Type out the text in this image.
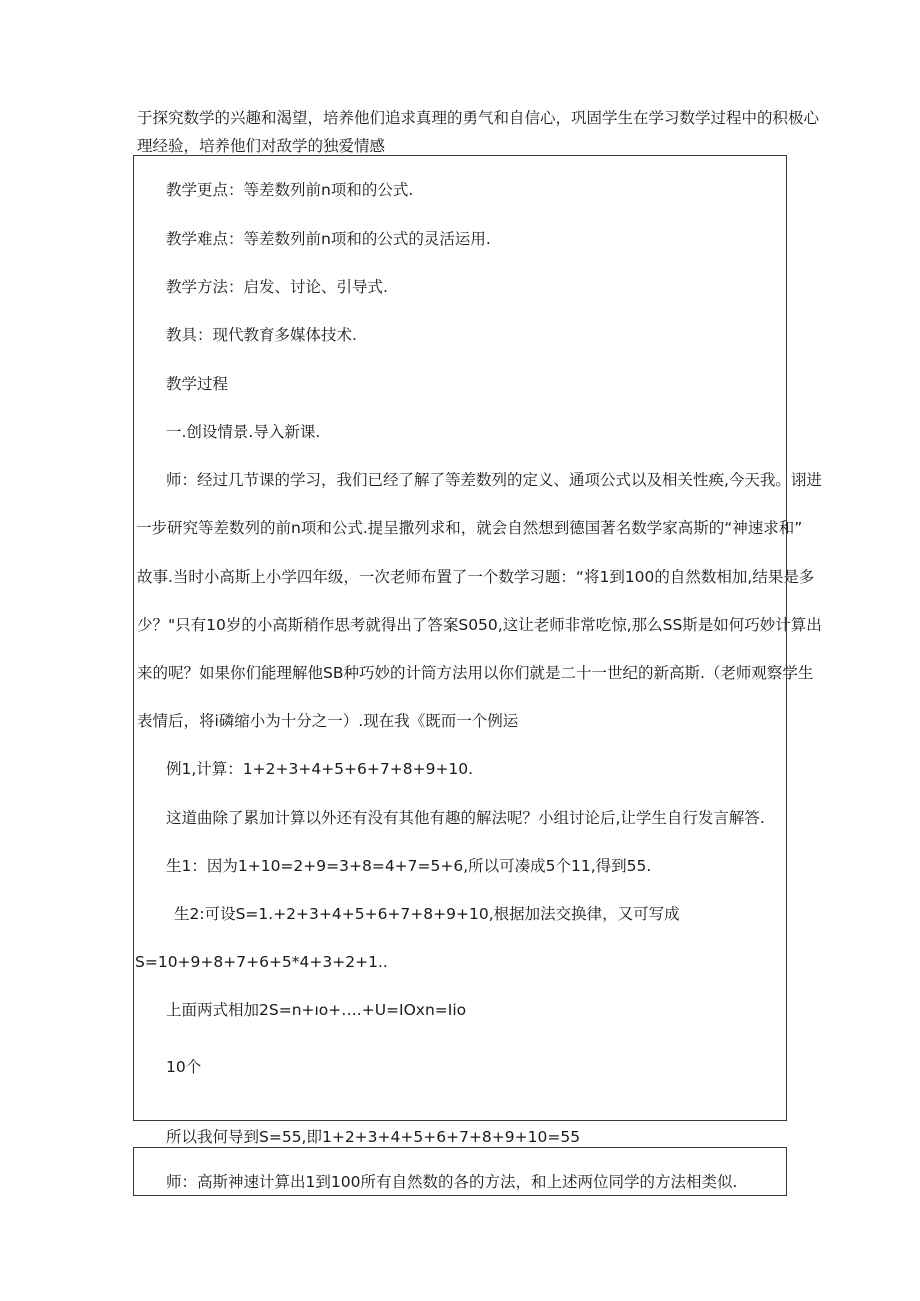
于探究数学的兴趣和渴望，培养他们追求真理的勇气和自信心，巩固学生在学习数学过程中的积极心
理经验，培养他们对敌学的独爱情感
教学更点：等差数列前n项和的公式.
教学难点：等差数列前n项和的公式的灵活运用.
教学方法：启发、讨论、引导式.
教具：现代教育多媒体技术.
教学过程
一.创设情景.导入新课.
师：经过几节课的学习，我们已经了解了等差数列的定义、通项公式以及相关性痪,今天我。诩进
一步研究等差数列的前n项和公式.提呈撒列求和，就会自然想到德国著名数学家高斯的“神速求和”
故事.当时小高斯上小学四年级，一次老师布置了一个数学习题：“将1到100的自然数相加,结果是多
少？"只有10岁的小高斯稍作思考就得出了答案S050,这让老师非常吃惊,那么SS斯是如何巧妙计算出
来的呢？如果你们能理解他SB种巧妙的计筒方法用以你们就是二十一世纪的新高斯.（老师观察学生
表情后，将i磷缩小为十分之一）.现在我《既而一个例运
例1,计算：1+2+3+4+5+6+7+8+9+10.
这道曲除了累加计算以外还有没有其他有趣的解法呢？小组讨论后,让学生自行发言解答.
生1：因为1+10=2+9=3+8=4+7=5+6,所以可凑成5个11,得到55.
生2:可设S=1.+2+3+4+5+6+7+8+9+10,根据加法交换律，又可写成
S=10+9+8+7+6+5*4+3+2+1..
上面两式相加2S=n+ıo+….+U=IOxn=Iio
10个
所以我何导到S=55,即1+2+3+4+5+6+7+8+9+10=55
师：高斯神速计算出1到100所有自然数的各的方法，和上述两位同学的方法相类似.
